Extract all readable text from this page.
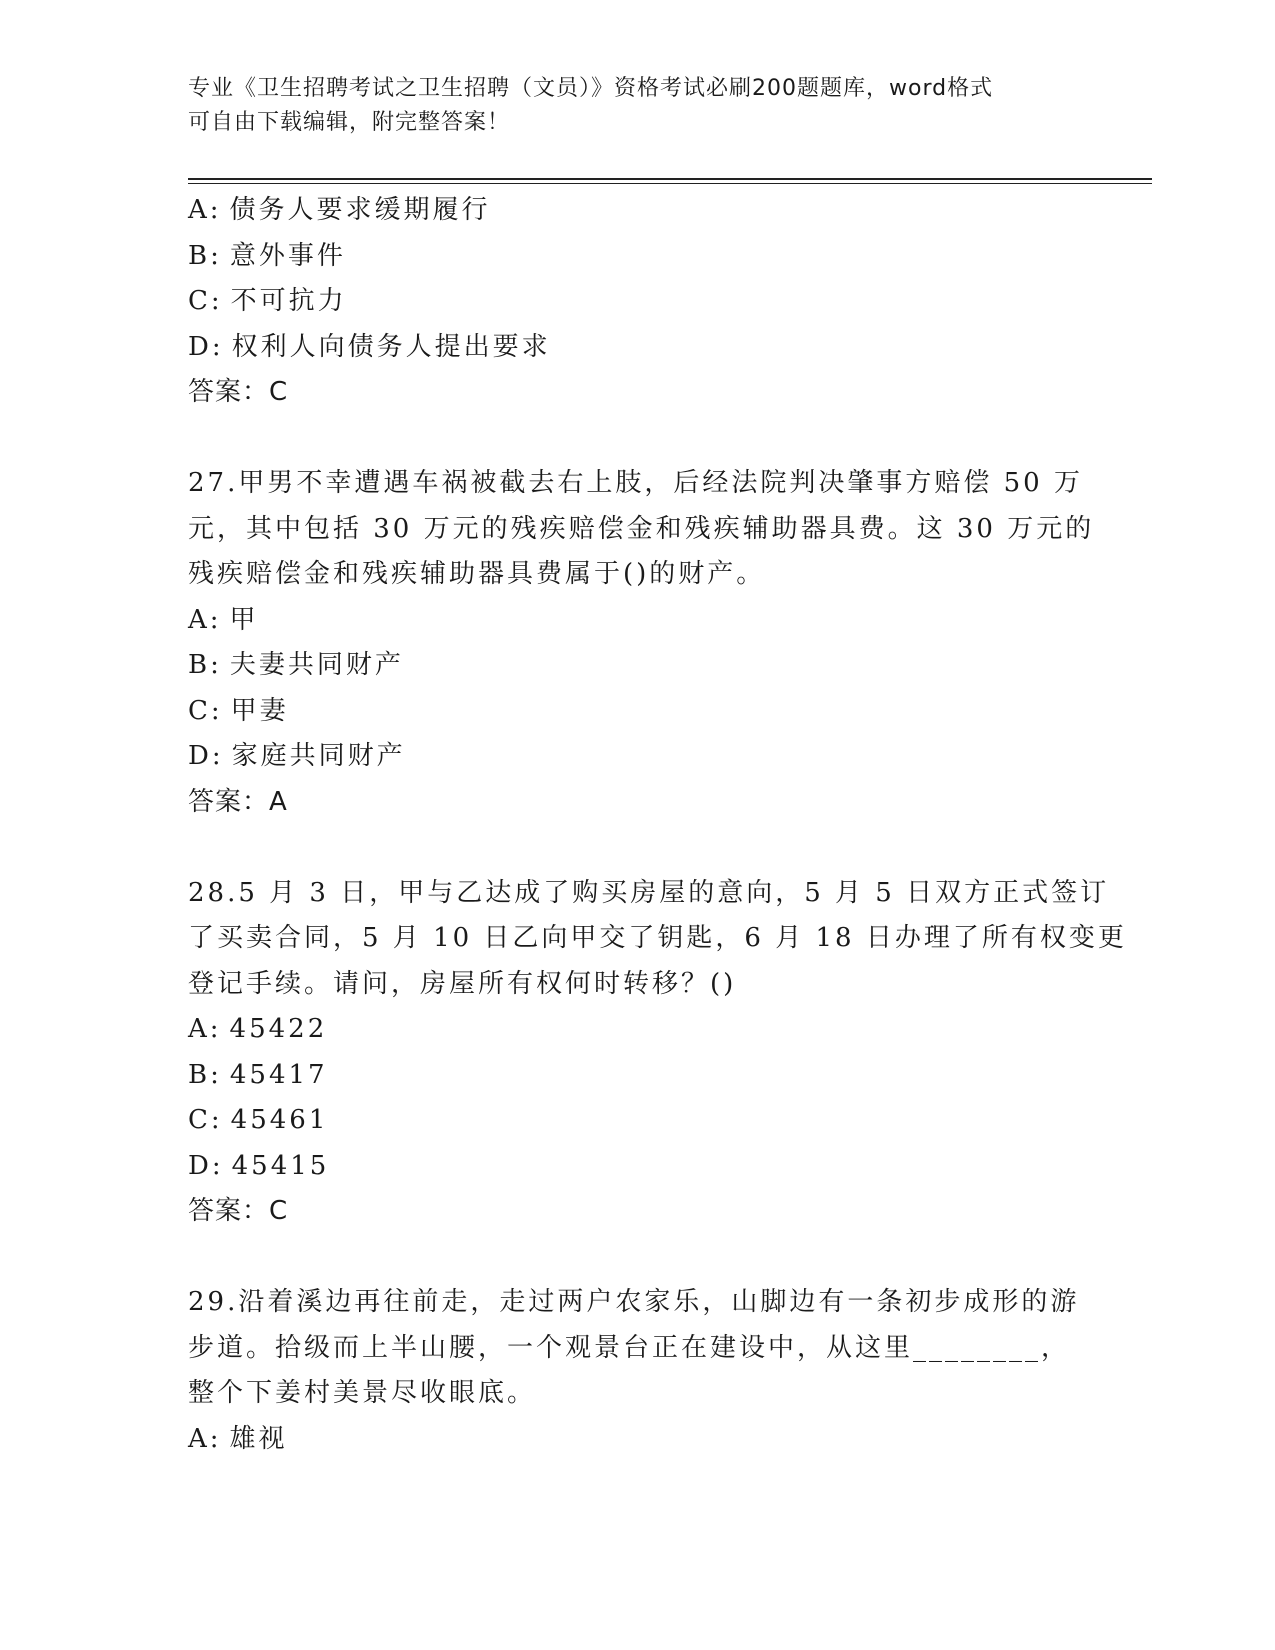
专业《卫生招聘考试之卫生招聘（文员）》资格考试必刷200题题库，word格式
可自由下载编辑，附完整答案！
A: 债务人要求缓期履行
B: 意外事件
C: 不可抗力
D: 权利人向债务人提出要求
答案：C
27.甲男不幸遭遇车祸被截去右上肢，后经法院判决肇事方赔偿 50 万
元，其中包括 30 万元的残疾赔偿金和残疾辅助器具费。这 30 万元的
残疾赔偿金和残疾辅助器具费属于()的财产。
A: 甲
B: 夫妻共同财产
C: 甲妻
D: 家庭共同财产
答案：A
28.5 月 3 日，甲与乙达成了购买房屋的意向，5 月 5 日双方正式签订
了买卖合同，5 月 10 日乙向甲交了钥匙，6 月 18 日办理了所有权变更
登记手续。请问，房屋所有权何时转移？()
A: 45422
B: 45417
C: 45461
D: 45415
答案：C
29.沿着溪边再往前走，走过两户农家乐，山脚边有一条初步成形的游
步道。拾级而上半山腰，一个观景台正在建设中，从这里________，
整个下姜村美景尽收眼底。
A: 雄视
